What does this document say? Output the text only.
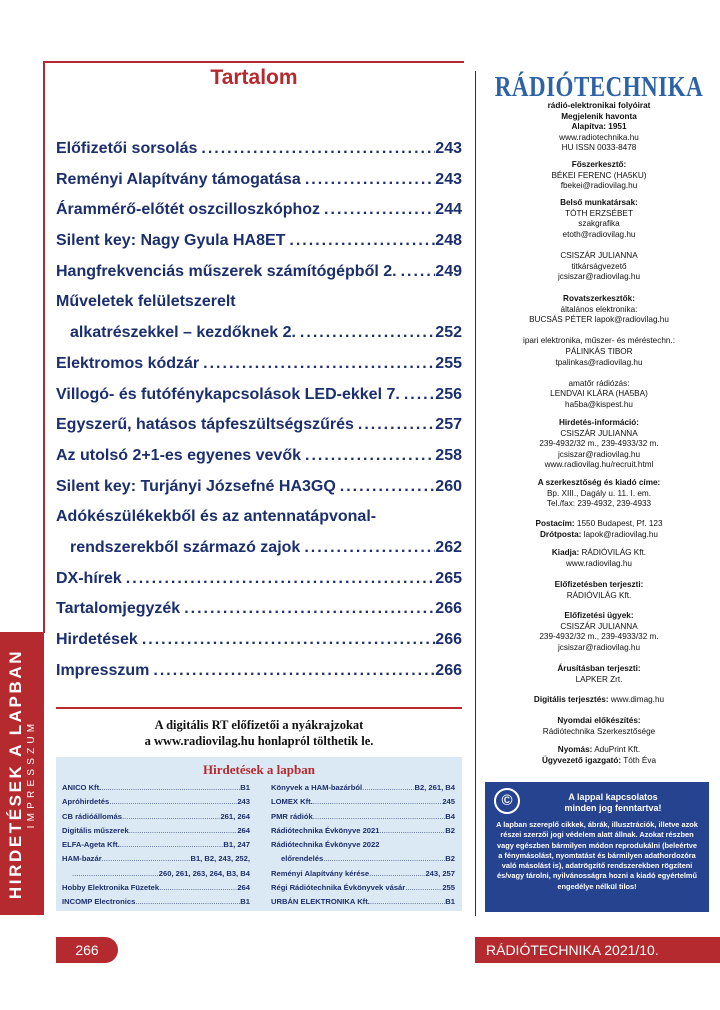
HIRDETÉSEK A LAPBAN IMPRESSZUM
Tartalom
Előfizetői sorsolás .....	243
Reményi Alapítvány támogatása .....	243
Árammérő-előtét oszcilloszkóphoz .....	244
Silent key: Nagy Gyula HA8ET .....	248
Hangfrekvenciás műszerek számítógépből 2. ..... 249
Műveletek felületszerelt
alkatrészekkel – kezdőknek 2. .....	252
Elektromos kódzár .....	255
Villogó- és futófénykapcsolások LED-ekkel 7. ..... 256
Egyszerű, hatásos tápfeszültségszűrés .....	257
Az utolsó 2+1-es egyenes vevők .....	258
Silent key: Turjányi Józsefné HA3GQ .....	260
Adókészülékekből és az antennatápvonal-
rendszerekből származó zajok .....	262
DX-hírek .....	265
Tartalomjegyzék .....	266
Hirdetések .....	266
Impresszum .....	266
A digitális RT előfizetői a nyákrajzokat
a www.radiovilag.hu honlapról tölthetik le.
Hirdetések a lapban
ANICO Kft. .....	B1
Apróhirdetés .....	243
CB rádióállomás .....	261, 264
Digitális műszerek .....	264
ELFA-Ageta Kft. .....	B1, 247
HAM-bazár .....	B1, B2, 243, 252,
.....
260, 261, 263, 264, B3, B4
Hobby Elektronika Füzetek .....	264
INCOMP Electronics .....	B1
Könyvek a HAM-bazárból .....	B2, 261, B4
LOMEX Kft. .....	245
PMR rádiók .....	B4
Rádiótechnika Évkönyve 2021 .....	B2
Rádiótechnika Évkönyve 2022
előrendelés .....	B2
Reményi Alapítvány kérése .....	243, 257
Régi Rádiótechnika Évkönyvek vásár .....	255
URBÁN ELEKTRONIKA Kft. .....	B1
RÁDIÓTECHNIKA
rádió-elektronikai folyóirat
Megjelenik havonta
Alapítva: 1951
www.radiotechnika.hu
HU ISSN 0033-8478
Főszerkesztő:
BÉKEI FERENC (HA5KU)
fbekei@radiovilag.hu
Belső munkatársak:
TÓTH ERZSÉBET
szakgrafika
etoth@radiovilag.hu
CSISZÁR JULIANNA
titkárságvezető
jcsiszar@radiovilag.hu
Rovatszerkesztők:
általános elektronika:
BUCSÁS PÉTER lapok@radiovilag.hu
ipari elektronika, műszer- és méréstechn.:
PÁLINKÁS TIBOR
tpalinkas@radiovilag.hu
amatőr rádiózás:
LENDVAI KLÁRA (HA5BA)
ha5ba@kispest.hu
Hirdetés-információ:
CSISZÁR JULIANNA
239-4932/32 m., 239-4933/32 m.
jcsiszar@radiovilag.hu
www.radiovilag.hu/recruit.html
A szerkesztőség és kiadó címe:
Bp. XIII., Dagály u. 11. I. em.
Tel./fax: 239-4932, 239-4933
Postacím: 1550 Budapest, Pf. 123
Drótposta: lapok@radiovilag.hu
Kiadja: RÁDIÓVILÁG Kft.
www.radiovilag.hu
Előfizetésben terjeszti:
RÁDIÓVILÁG Kft.
Előfizetési ügyek:
CSISZÁR JULIANNA
239-4932/32 m., 239-4933/32 m.
jcsiszar@radiovilag.hu
Árusításban terjeszti:
LAPKER Zrt.
Digitális terjesztés: www.dimag.hu
Nyomdai előkészítés:
Rádiótechnika Szerkesztősége
Nyomás: AduPrint Kft.
Ügyvezető igazgató: Tóth Éva
©	A lappal kapcsolatos
minden jog fenntartva!
A lapban szereplő cikkek, ábrák, illusztrációk, illetve azok részei szerzői jogi védelem alatt állnak. Azokat részben vagy egészben bármilyen módon reprodukálni (beleértve a fénymásolást, nyomtatást és bármilyen adathordozóra való másolást is), adatrögzítő rendszerekben rögzíteni és/vagy tárolni, nyilvánosságra hozni a kiadó egyértelmű engedélye nélkül tilos!
266	RÁDIÓTECHNIKA 2021/10.
